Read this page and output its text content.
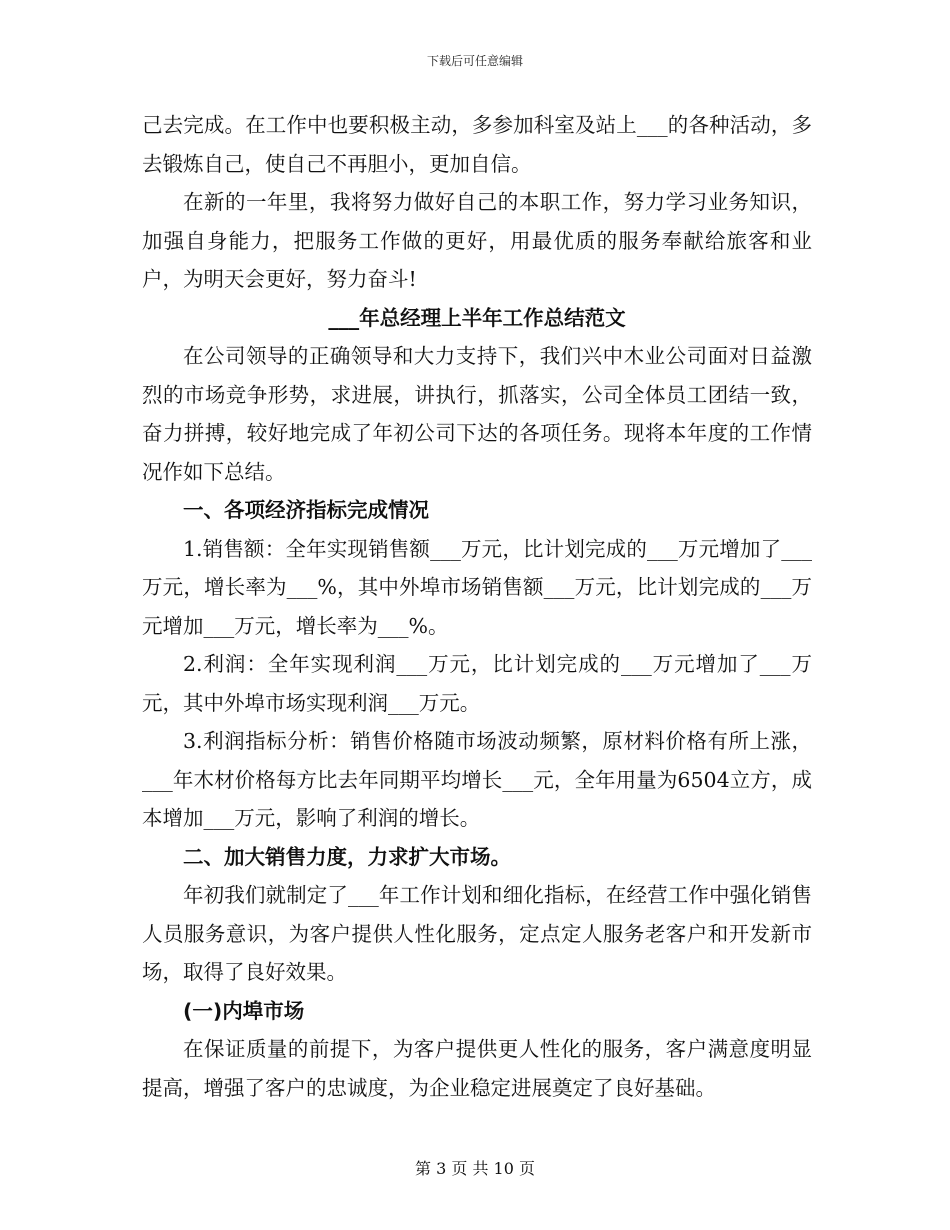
下载后可任意编辑

己去完成。在工作中也要积极主动，多参加科室及站上___的各种活动，多去锻炼自己，使自己不再胆小，更加自信。

在新的一年里，我将努力做好自己的本职工作，努力学习业务知识，加强自身能力，把服务工作做的更好，用最优质的服务奉献给旅客和业户，为明天会更好，努力奋斗!

___年总经理上半年工作总结范文

在公司领导的正确领导和大力支持下，我们兴中木业公司面对日益激烈的市场竞争形势，求进展，讲执行，抓落实，公司全体员工团结一致，奋力拼搏，较好地完成了年初公司下达的各项任务。现将本年度的工作情况作如下总结。

一、各项经济指标完成情况

1.销售额：全年实现销售额___万元，比计划完成的___万元增加了___万元，增长率为___%，其中外埠市场销售额___万元，比计划完成的___万元增加___万元，增长率为___%。

2.利润：全年实现利润___万元，比计划完成的___万元增加了___万元，其中外埠市场实现利润___万元。

3.利润指标分析：销售价格随市场波动频繁，原材料价格有所上涨，___年木材价格每方比去年同期平均增长___元，全年用量为6504立方，成本增加___万元，影响了利润的增长。

二、加大销售力度，力求扩大市场。

年初我们就制定了___年工作计划和细化指标，在经营工作中强化销售人员服务意识，为客户提供人性化服务，定点定人服务老客户和开发新市场，取得了良好效果。

(一)内埠市场

在保证质量的前提下，为客户提供更人性化的服务，客户满意度明显提高，增强了客户的忠诚度，为企业稳定进展奠定了良好基础。

第 3 页 共 10 页
